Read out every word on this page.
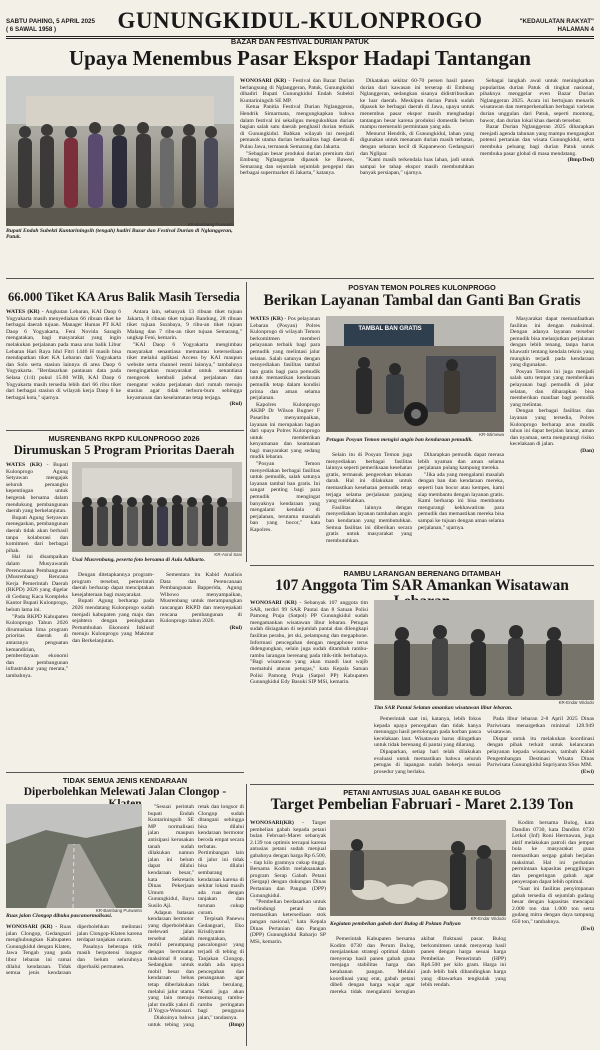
SABTU PAHING, 5 APRIL 2025
( 6 SAWAL 1958 )	GUNUNGKIDUL-KULONPROGO	"KEDAULATAN RAKYAT"
HALAMAN 4
BAZAR DAN FESTIVAL DURIAN PATUK
Upaya Menembus Pasar Ekspor Hadapi Tantangan
Bupati Endah Subekti Kuntariningsih (tengah) hadiri Bazar dan Festival Durian di Nglanggeran, Patuk.
KR-Bambang Purwanto

WONOSARI (KR) - Festival dan Bazar Durian berlangsung di Nglanggeran, Patuk, Gunungkidul dihadiri Bupati Gunungkidul Endah Subekti Kuntariningsih SE MP.

Ketua Panitia Festival Durian Nglanggeran, Hendrik Simarmata, mengungkapkan bahwa dalam festival ini sekaligus mengukuhkan durian bagian salah satu daerah penghasil durian terbaik di Gunungkidul. Bahkan wilayah ini menjadi pemasok utama durian berkualitas bagi daerah di Pulau Jawa, termasuk Semarang dan Jakarta.

"Sebagian besar produksi durian premium dari Embung Nglanggeran dipasok ke Bawen, Semarang dan sejumlah sejumlah pengepul dan berbagai supermarket di Jakarta," katanya.

Dikatakan sekitar 60-70 persen hasil panen durian dari kawasan ini terserap di Embung Nglanggeran, sedangkan sisanya didistribusikan ke luar daerah. Meskipun durian Patuk sudah dipasok ke berbagai daerah di Jawa, upaya untuk menembus pasar ekspor masih menghadapi tantangan besar karena produksi domestik belum mampu memenuhi permintaan yang ada.

Menurut Hendrik, di Gunungkidul, lahan yang digunakan untuk menanam durian masih terbatas, dengan sebaran kecil di Kapanewon Gedangsari dan Nglipar.

"Kami masih terkendala luas lahan, jadi untuk sampai ke tahap ekspor masih membutuhkan banyak persiapan," ujarnya.

Sebagai langkah awal untuk meningkatkan popularitas durian Patuk di tingkat nasional, pihaknya menggelar even Bazar Durian Nglanggeran 2025. Acara ini bertujuan menarik wisatawan dan memperkenalkan berbagai varietas durian unggulan dari Patuk, seperti montong, bawor, dan durian lokal khas daerah tersebut.

Bazar Durian Nglanggeran 2025 diharapkan menjadi agenda tahunan yang mampu mengangkat potensi pertanian dan wisata Gunungkidul, serta membuka peluang bagi durian Patuk untuk membuka pasar global di masa mendatang.

(Bmp/Ded)

66.000 Tiket KA Arus Balik Masih Tersedia

WATES (KR) - Angkutan Lebaran, KAI Daop 6 Yogyakarta masih menyediakan 66 ribuan tiket ke berbagai daerah tujuan. Manager Humas PT KAI Daop 6 Yogyakarta, Feni Novida Saragih mengatakan, bagi masyarakat yang ingin melakukan perjalanan pada masa arus balik Libur Lebaran Hari Raya Idul Fitri 1446 H masih bisa mendapatkan tiket KA Lebaran dari Yogyakarta dan Solo serta stasiun lainnya di area Daop 6 Yogyakarta. "Berdasarkan pantauan data pada Selasa (1/4) pukul 15.00 WIB, KAI Daop 6 Yogyakarta masih tersedia lebih dari 66 ribu tiket dari berbagai stasiun di wilayah kerja Daop 6 ke berbagai kota," ujarnya.

Antara lain, sebanyak 13 ribuan tiket tujuan Jakarta, 8 ribuan tiket tujuan Bandung, 28 ribuan tiket tujuan Surabaya, 9 ribu-an tiket tujuan Malang dan 7 ribu-an tiket tujuan Semarang," ungkap Feni, kemarin.

"KAI Daop 6 Yogyakarta mengimbau masyarakat senantiasa memantau ketersediaan tiket melalui aplikasi Access by KAI maupun website serta channel resmi lainnya," tambahnya mengingatkan masyarakat untuk senantiasa mengecek kembali jadwal perjalanan dan mengatur waktu perjalanan dari rumah menuju stasiun agar tidak terburu-buru sehingga keyamanan dan keselamatan tetap terjaga.

(Rul)

POSYAN TEMON POLRES KULONPROGO
Berikan Layanan Tambal dan Ganti Ban Gratis

WATES (KR) - Pos pelayanan Lebaran (Posyan) Polres Kulonprogo di wilayah Temon berkomitmen memberi pelayanan terbaik bagi para pemudik yang melintasi jalur selatan. Salah satunya dengan menyediakan fasilitas tambal ban gratis bagi para pemudik untuk memastikan kendaraan pemudik tetap dalam kondisi prima dan aman selama perjalanan.

Kapolres Kulonprogo AKBP Dr Wilson Bugner F Pasaribu menyampaikan, layanan ini merupakan bagian dari upaya Polres Kulonprogo untuk memberikan kenyamanan dan keamanan bagi masyarakat yang sedang mudik lebaran.

"Posyan Temon menyediakan berbagai fasilitas untuk pemudik, salah satunya layanan tambal ban gratis. Ini sangat penting bagi para pemudik mengingat banyaknya kendaraan yang mengalami kendala di perjalanan, terutama masalah ban yang bocor," kata Kapolres.

TAMBAL BAN GRATIS
KR-Istimewa
Petugas Posyan Temon mengisi angin ban kendaraan pemudik.

Selain itu di Posyan Temon juga menyediakan berbagai fasilitas lainnya seperti pemeriksaan kesehatan gratis, termasuk pengecekan tekanan darah. Hal ini dilakukan untuk memastikan kesehatan pemudik tetap terjaga selama perjalanan panjang yang melelahkan.

Fasilitas lainnya dengan menyediakan layanan tambahan angin ban kendaraan yang membutuhkan. Semua fasilitas ini diberikan secara gratis untuk masyarakat yang membutuhkan.

Diharapkan pemudik dapat merasa lebih nyaman dan aman selama perjalanan pulang kampung mereka.

"Jika ada yang mengalami masalah dengan ban dan kendaraan mereka, seperti ban bocor atau kempes, kami siap membantu dengan layanan gratis. Kami berharap ini bisa membantu mengurangi kekhawatiran para pemudik dan memastikan mereka bisa sampai ke tujuan dengan aman selama perjalanan," ujarnya.

Masyarakat dapat memanfaatkan fasilitas ini dengan maksimal. Dengan adanya layanan tersebut pemudik bisa melanjutkan perjalanan dengan lebih tenang, tanpa harus khawatir tentang kendala teknis yang mungkin terjadi pada kendaraan yang digunakan.

Posyan Temon ini juga menjadi salah satu tempat yang memberikan pelayanan bagi pemudik di jalur selatan, dan diharapkan bisa memberikan manfaat bagi pemudik yang melintas.

Dengan berbagai fasilitas dan layanan yang tersedia, Polres Kulonprogo berharap arus mudik tahun ini dapat berjalan lancar, aman dan nyaman, serta mengurangi risiko kecelakaan di jalan.

(Dan)

MUSRENBANG RKPD KULONPROGO 2026
Dirumuskan 5 Program Prioritas Daerah

WATES (KR) - Bupati Kulonprogo Agung Setyawan mengajak seluruh pemangku kepentingan untuk bergerak bersama dalam mendukung pembangunan daerah yang berkelanjutan.

Bupati Agung Setyawan menegaskan, pembangunan daerah tidak akan berhasil tanpa kolaborasi dan komitmen dari berbagai pihak.

Hal ini disampaikan dalam Musyawarah Perencanaan Pembangunan (Musrenbang) Rencana Kerja Pemerintah Daerah (RKPD) 2026 yang digelar di Gedung Kaca Kompleks Kantor Bupati Kulonprogo, belum lama ini.

"Pada RKPD Kabupaten Kulonprogo Tahun 2026 dirumuskan lima program prioritas daerah di antaranya penguatan kemandirian, pemberdayaan ekonomi dan pembangunan infrastruktur yang merata," tambahnya.

KR-Asrul Sani
Usai Musrenbang, peserta foto bersama di Aula Adikarto.

Dengan ditetapkannya program-program tersebut, pemerintah daerah berharap dapat menciptakan kesejahteraan bagi masyarakat.

Bupati Agung berharap pada 2026 mendatang Kulonprogo sudah menjadi kabupaten yang maju dan sejahtera dengan peningkatan Pertumbuhan Ekonomi Inklusif menuju Kulonprogo yang Makmur dan Berkelanjutan.

Sementara itu Kabid Analisis Data dan Perencanaan Pembangunan Bapperida, Agung Wibowo menyampaikan, Musrenbang untuk merampungkan rancangan RKPD dan menyepakati rencana pembangunan di Kulonprogo tahun 2026.

(Rul)

RAMBU LARANGAN BERENANG DITAMBAH
107 Anggota Tim SAR Amankan Wisatawan

WONOSARI (KR) - Sebanyak 107 anggota tim SAR, terdiri 99 SAR Pantai dan 8 Satuan Polisi Pamong Praja (Satpol) PP Gunungkidul sudah mengamankan wisatawan libur lebaran. Petugas sudah disiagakan di sejumlah pantai dan dilengkapi fasilitas perahu, jet ski, pelampung dan megaphone. Informasi pencegahan dengan megaphone terus didengungkan, selain juga sudah ditambah rambu-rambu larangan berenang pada titik-titik berbahaya. "Bagi wisatawan yang akan mandi laut wajib mematuhi aturan petugas," kata Kepala Satuan Polisi Pamong Praja (Satpol PP) Kabupaten Gunungkidul Edy Basuki SIP MSi, kemarin.

KR-Endar Widodo
Tim SAR Pantai Selatan amankan wisatawan libur lebaran.

Pemerintah saat ini, katanya, lebih fokus kepada upaya pencegahan dan tidak hanya menunggu hasil pertolongan pada korban pasca kecelakaan laut. Wisatawan harus diingatkan untuk tidak berenang di pantai yang dilarang.

Dipaparkan, setiap hari telah dilakukan evaluasi untuk memastikan bahwa seluruh petugas di lapangan sudah bekerja sesuai prosedur yang berlaku.

Pada libur lebaran 2-8 April 2025 Dinas Pariwisata menargetkan minimal 128.949 wisatawan.

Dispar untuk itu melakukan koordinasi dengan pihak terkait untuk kelancaran pelayanan kepada wisatawan, tambah Kabid Pengembangan Destinasi Wisata Dinas Pariwisata Gunungkidul Supriyanta SSos MM.

(Ewi)

TIDAK SEMUA JENIS KENDARAAN
Diperbolehkan Melewati Jalan Clongop -
KR-Bambang Purwanto
Ruas jalan Clongop dibuka pascanormalisasi.

WONOSARI (KR) - Ruas jalan Clongop, Gedangsari menghubungkan Kabupaten Gunungkidul dengan Klaten, Jawa Tengah yang pada libur lebaran ini ramai dilalui kendaraan. Tidak semua jenis kendaraan diperbolehkan melintasi jalan Clongop-Klaten karena terdapat tanjakan curam.

Pasalnya beberapa titik masih berpotensi longsor dan belum seluruhnya diperbaiki permanen.

"Sesuai perintah bupati Endah Kuntariningsih SE MP normalisasi jalan maupun antisipasi kerusakan tanah sudah dilakukan namun jalan ini belum dapat dilalui kendaraan besar," kata Sekretaris Dinas Pekerjaan Umum Gunungkidul, Bayu Susilo Aji.

Adapun batasan kendaraan bermotor yang diperbolehkan melewati jalan tersebut adalah mobil penumpang dengan bermuatan maksimal 8 orang. Sedangkan untuk mobil besar dan kendaraan bebas tetap diberlakukan melalui jalur utama yang lain menuju jalur mudik yakni di JJ Yogya-Wonosari.

Diakuinya bahwa untuk tebing yang retak dan longsor di Clongop sudah ditangani sehingga bisa dilalui kendaraan bermotor beroda empat secara terbatas. Pertimbangan lain di jalur ini tidak bisa dilalui sembarang kendaraan karena di sekitar lokasi masih ada ruas dengan tanjakan dan turunan cukup curam.

Terpisah Panewu Gedangsari, Eko Krisdiyanto mengatakan, pascalongsor yang terjadi di tebing di Tanjakan Clongop, sudah ada upaya pencegahan dan penanganan agar tidak berulang. "Kami juga akan memasang rambu-rambu peringatan bagi pengguna jalan," tandasnya.

(Bmp)

PETANI ANTUSIAS JUAL GABAH KE BULOG
Target Pembelian Fabruari - Maret 2.139 Ton

WONOSARI(KR) - Target pembelian gabah kepada petani bulan Februari-Maret sebanyak 2.139 ton optimis tercapai karena antusias petani sudah menjual gabahnya dengan harga Rp 6.500, - tiap kilo gramnya cukup tinggi. Bersama Kodim melaksanakan program Serap Gabah Petani (Sergap) dengan dukungan Dinas Pertanian dan Pangan (DPP) Gunungkidul.

"Pembelian berdasarkan untuk melindungi petani dan memastikan ketersediaan stok pangan nasional," kata Kepala Dinas Pertanian dan Pangan (DPP) Gunungkidul Raharjo SP MSi, kemarin.

KR-Endar Widodo
Kegiatan pembelian gabah dari Bulog di Poktan Paliyan

Pemerintah Kabupaten bersama Kodim 0730 dan Perum Bulog, menjalankan strategi optimal dalam menyerap hasil panen gabah guna menjaga stabilitas harga dan ketahanan pangan. Melalui koordinasi yang erat, gabah petani dibeli dengan harga wajar agar mereka tidak mengalami kerugian akibat fluktuasi pasar. Bulog berkomitmen untuk menyerap hasil panen dengan harga sesuai harga Pembelian Pemerintah (HPP) Rp6.500 per kilo gram. Harga ini jauh lebih baik dibandingkan harga yang ditawarkan tengkulak yang lebih rendah.

Kodim bersama Bulog, kata Dandim 0730, kata Dandim 0730 Letkol (Inf) Roni Hermawan, juga aktif melakukan patroli dan jemput bola ke masyarakat guna memastikan sergap gabah berjalan maksimal. Hal ini perhatian permintaan kapasitas penggilingan dan pengeringan gabah agar penyerapan dapat lebih optimal.

"Saat ini fasilitas penyimpanan gabah tersedia di sejumlah gudang besar dengan kapasitas mencapai 2.000 ton dan 1.000 ton serta gudang mitra dengan daya tampung 650 ton," tambahnya.

(Ewi)
